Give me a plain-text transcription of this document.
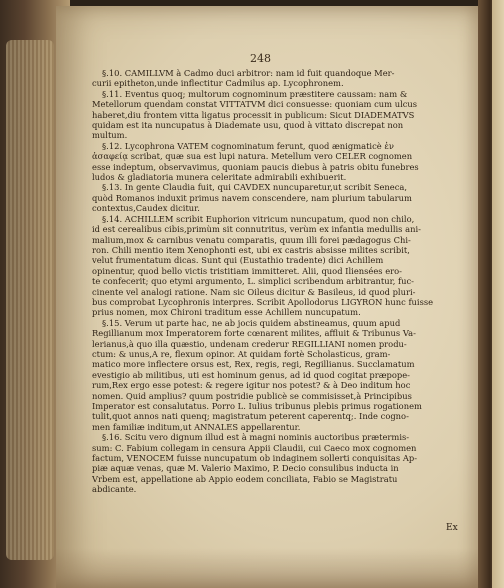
248
§.10. CAMILLVM à Cadmo duci arbitror: nam id fuit quandoque Mer-
curii epitheton,unde inflectitur Cadmilus ap. Lycophronem.
§.11. Eventus quoq; multorum cognominum præstitere caussam: nam &
Metellorum quendam constat VITTATVM dici consuesse: quoniam cum ulcus
haberet,diu frontem vitta ligatus processit in publicum: Sicut DIADEMATVS
quidam est ita nuncupatus à Diademate usu, quod à vittato discrepat non
multum.
§.12. Lycophrona VATEM cognominatum ferunt, quod ænigmaticè ἐν
ἀσαφείᾳ scribat, quæ sua est lupi natura. Metellum vero CELER cognomen
esse indeptum, observavimus, quoniam paucis diebus à patris obitu funebres
ludos & gladiatoria munera celeritate admirabili exhibuerit.
§.13. In gente Claudia fuit, qui CAVDEX nuncuparetur,ut scribit Seneca,
quòd Romanos induxit primus navem conscendere, nam plurium tabularum
contextus,Caudex dicitur.
§.14. ACHILLEM scribit Euphorion vitricum nuncupatum, quod non chilo,
id est cerealibus cibis,primùm sit connutritus, verùm ex infantia medullis ani-
malium,mox & carnibus venatu comparatis, quum illi forei pædagogus Chi-
ron. Chili mentio item Xenophonti est, ubi ex castris absisse milites scribit,
velut frumentatum dicas. Sunt qui (Eustathio tradente) dici Achillem
opinentur, quod bello victis tristitiam immitteret. Alii, quod Iliensées ero-
te confecerit; quo etymi argumento, L. simplici scribendum arbitrantur, fuc-
cinente vel analogi ratione. Nam sic Oileus dicitur & Basileus, id quod pluri-
bus comprobat Lycophronis interpres. Scribit Apollodorus LIGYRON hunc fuisse
prius nomen, mox Chironi traditum esse Achillem nuncupatum.
§.15. Verum ut parte hac, ne ab jocis quidem abstineamus, quum apud
Regillianum mox Imperatorem forte cœnarent milites, affluit & Tribunus Va-
lerianus,à quo illa quæstio, undenam crederur REGILLIANI nomen produ-
ctum: & unus,A re, flexum opinor. At quidam fortè Scholasticus, gram-
matico more inflectere orsus est, Rex, regis, regi, Regillianus. Succlamatum
evestigio ab militibus, uti est hominum genus, ad id quod cogitat præpope-
rum,Rex ergo esse potest: & regere igitur nos potest? & à Deo inditum hoc
nomen. Quid amplius? quum postridie publicè se commisisset,à Principibus
Imperator est consalutatus. Porro L. Iulius tribunus plebis primus rogationem
tulit,quot annos nati quenq; magistratum peterent caperentq;. Inde cogno-
men familiæ inditum,ut ANNALES appellarentur.
§.16. Scitu vero dignum illud est à magni nominis auctoribus prætermis-
sum: C. Fabium collegam in censura Appii Claudii, cui Caeco mox cognomen
factum, VENOCEM fuisse nuncupatum ob indaginem sollerti conquisitas Ap-
piæ aquæ venas, quæ M. Valerio Maximo, P. Decio consulibus inducta in
Vrbem est, appellatione ab Appio eodem conciliata, Fabio se Magistratu
abdicante.
Ex
